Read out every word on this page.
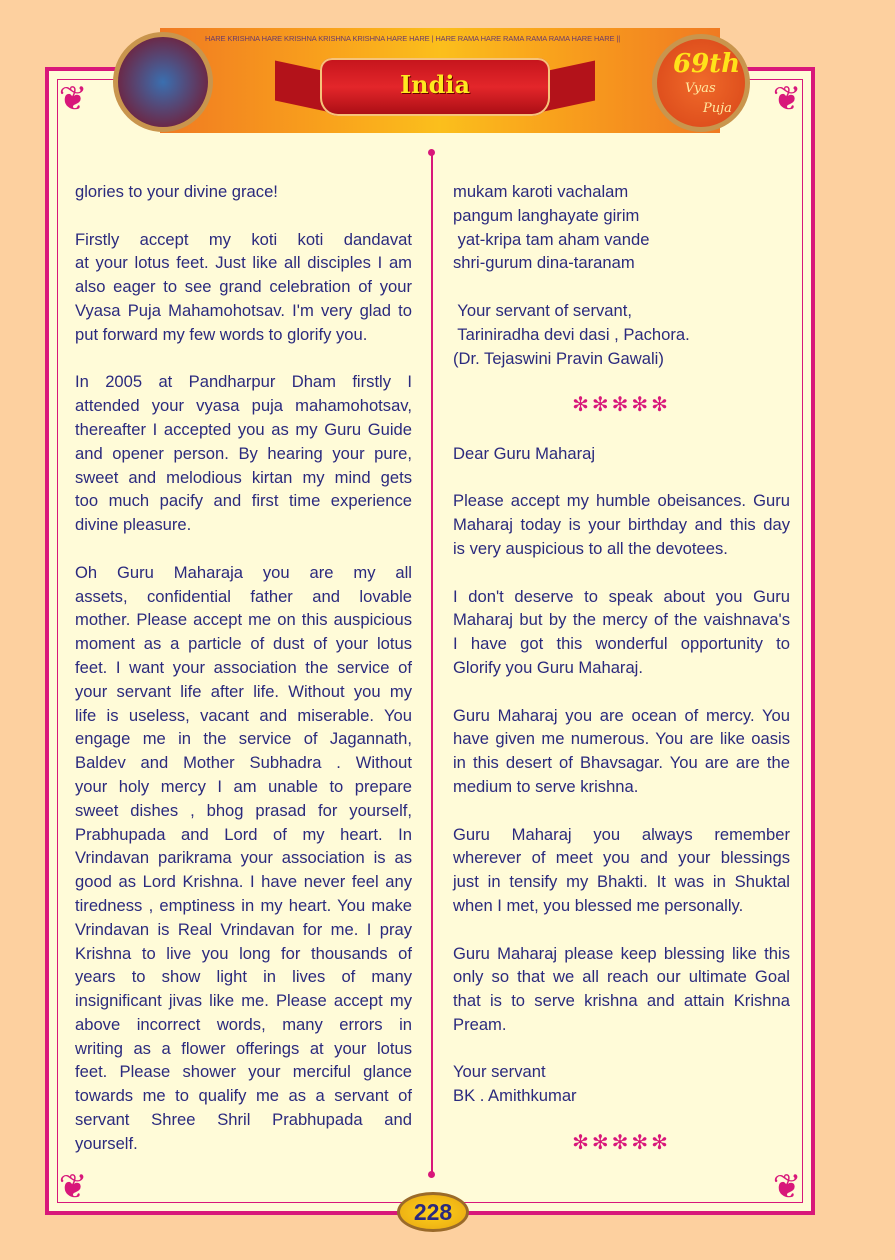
❦	❦
❦	❦
HARE KRISHNA HARE KRISHNA KRISHNA KRISHNA HARE HARE | HARE RAMA HARE RAMA RAMA RAMA HARE HARE ||
India
69th
Vyas
Puja
glories to your divine grace!
Firstly accept my koti koti dandavat
at your lotus feet. Just like all disciples I am
also eager to see grand celebration of your
Vyasa Puja Mahamohotsav. I'm very glad to
put forward my few words to glorify you.
In 2005 at Pandharpur Dham firstly I
attended your vyasa puja mahamohotsav,
thereafter I accepted you as my Guru Guide
and opener person. By hearing your pure,
sweet and melodious kirtan my mind gets
too much pacify and first time experience
divine pleasure.
Oh Guru Maharaja you are my all
assets, confidential father and lovable
mother. Please accept me on this auspicious
moment as a particle of dust of your lotus
feet. I want your association the service of
your servant life after life. Without you my
life is useless, vacant and miserable. You
engage me in the service of Jagannath,
Baldev and Mother Subhadra . Without
your holy mercy I am unable to prepare
sweet dishes , bhog prasad for yourself,
Prabhupada and Lord of my heart. In
Vrindavan parikrama your association is as
good as Lord Krishna. I have never feel any
tiredness , emptiness in my heart. You make
Vrindavan is Real Vrindavan for me. I pray
Krishna to live you long for thousands of
years to show light in lives of many
insignificant jivas like me. Please accept my
above incorrect words, many errors in
writing as a flower offerings at your lotus
feet. Please shower your merciful glance
towards me to qualify me as a servant of
servant Shree Shril Prabhupada and
yourself.
mukam karoti vachalam
pangum langhayate girim
yat-kripa tam aham vande
shri-gurum dina-taranam
Your servant of servant,
Tariniradha devi dasi , Pachora.
(Dr. Tejaswini Pravin Gawali)
✻✻✻✻✻
Dear Guru Maharaj
Please accept my humble obeisances. Guru
Maharaj today is your birthday and this day
is very auspicious to all the devotees.
I don't deserve to speak about you Guru
Maharaj but by the mercy of the vaishnava's
I have got this wonderful opportunity to
Glorify you Guru Maharaj.
Guru Maharaj you are ocean of mercy. You
have given me numerous. You are like oasis
in this desert of Bhavsagar. You are are the
medium to serve krishna.
Guru Maharaj you always remember
wherever of meet you and your blessings
just in tensify my Bhakti. It was in Shuktal
when I met, you blessed me personally.
Guru Maharaj please keep blessing like this
only so that we all reach our ultimate Goal
that is to serve krishna and attain Krishna
Pream.
Your servant
BK . Amithkumar
✻✻✻✻✻
228
